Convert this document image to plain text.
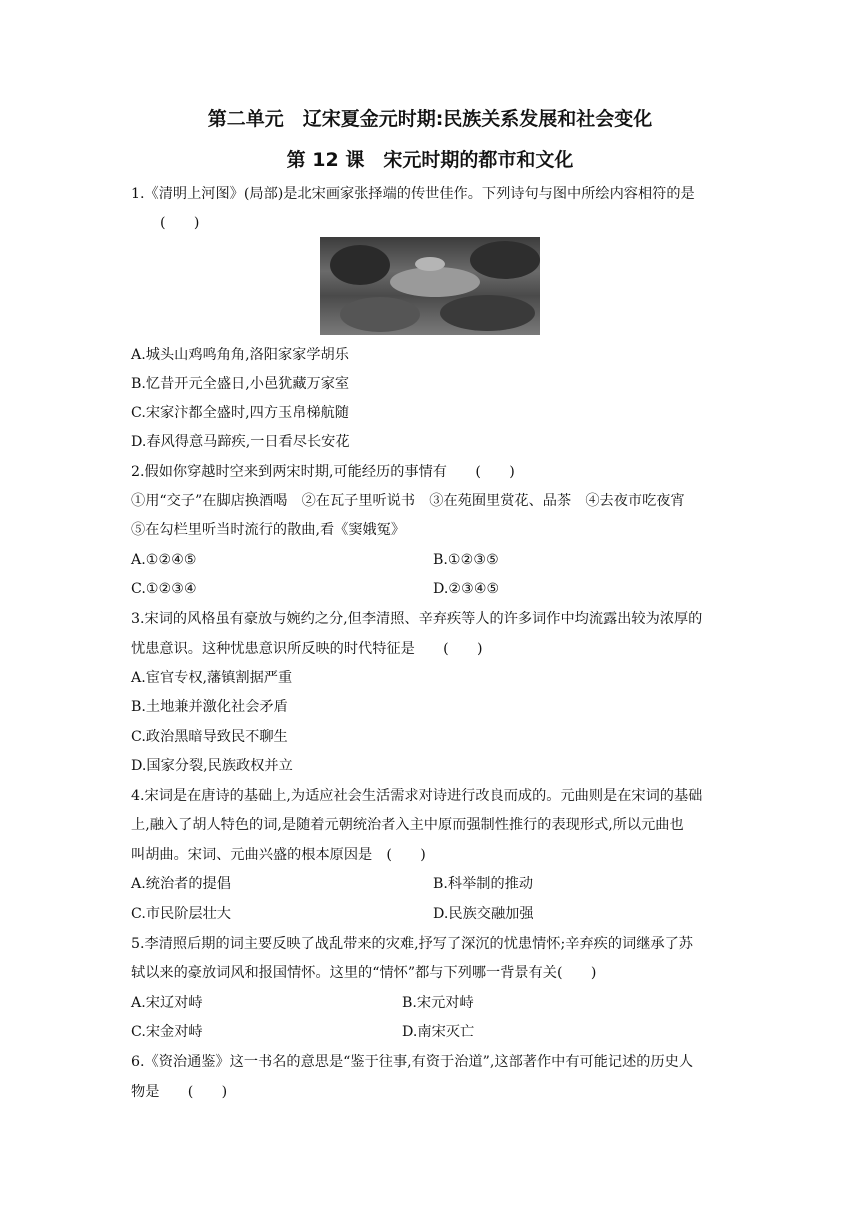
第二单元　辽宋夏金元时期:民族关系发展和社会变化
第 12 课　宋元时期的都市和文化
1.《清明上河图》(局部)是北宋画家张择端的传世佳作。下列诗句与图中所绘内容相符的是
(　　)
A.城头山鸡鸣角角,洛阳家家学胡乐
B.忆昔开元全盛日,小邑犹藏万家室
C.宋家汴都全盛时,四方玉帛梯航随
D.春风得意马蹄疾,一日看尽长安花
2.假如你穿越时空来到两宋时期,可能经历的事情有　　(　　)
①用“交子”在脚店换酒喝　②在瓦子里听说书　③在苑囿里赏花、品茶　④去夜市吃夜宵
⑤在勾栏里听当时流行的散曲,看《窦娥冤》
A.①②④⑤	B.①②③⑤
C.①②③④	D.②③④⑤
3.宋词的风格虽有豪放与婉约之分,但李清照、辛弃疾等人的许多词作中均流露出较为浓厚的
忧患意识。这种忧患意识所反映的时代特征是　　(　　)
A.宦官专权,藩镇割据严重
B.土地兼并激化社会矛盾
C.政治黑暗导致民不聊生
D.国家分裂,民族政权并立
4.宋词是在唐诗的基础上,为适应社会生活需求对诗进行改良而成的。元曲则是在宋词的基础
上,融入了胡人特色的词,是随着元朝统治者入主中原而强制性推行的表现形式,所以元曲也
叫胡曲。宋词、元曲兴盛的根本原因是　(　　)
A.统治者的提倡	B.科举制的推动
C.市民阶层壮大	D.民族交融加强
5.李清照后期的词主要反映了战乱带来的灾难,抒写了深沉的忧患情怀;辛弃疾的词继承了苏
轼以来的豪放词风和报国情怀。这里的“情怀”都与下列哪一背景有关(　　)
A.宋辽对峙	B.宋元对峙
C.宋金对峙	D.南宋灭亡
6.《资治通鉴》这一书名的意思是“鉴于往事,有资于治道”,这部著作中有可能记述的历史人
物是　　(　　)
